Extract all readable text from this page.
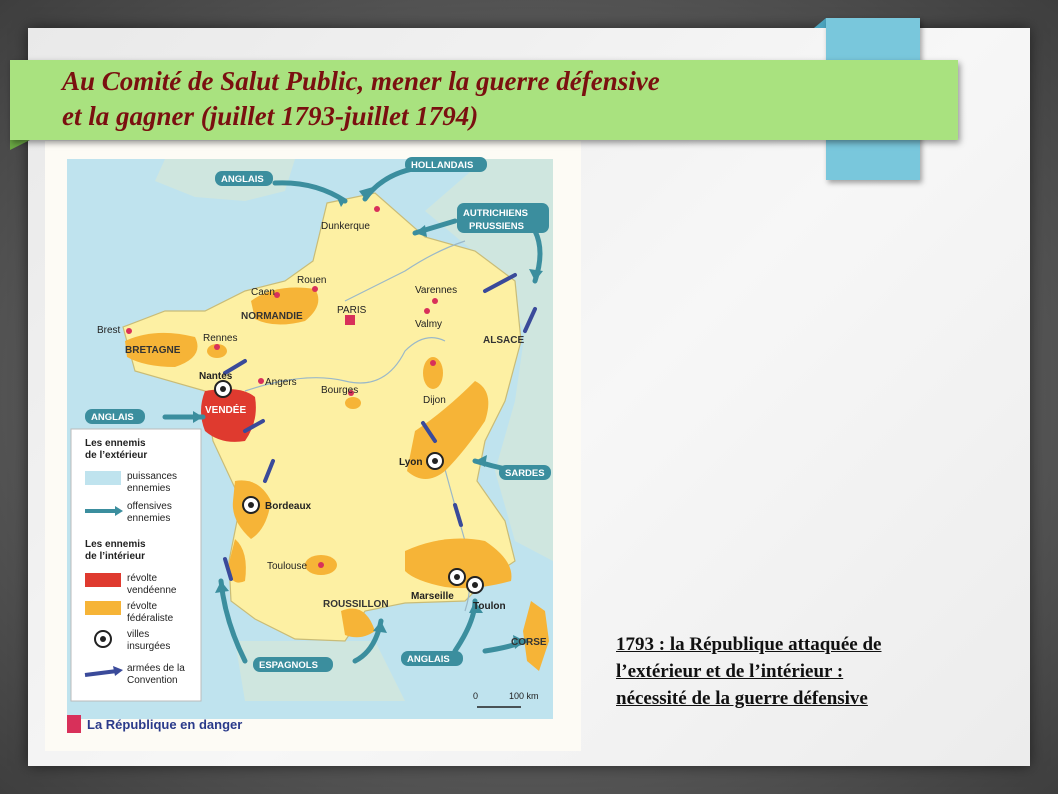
Dunkerque
Rouen
Caen
PARIS
Varennes
Valmy
Brest
Rennes
Nantes
Angers
Bourges
Dijon
Lyon
Bordeaux
Toulouse
Marseille
Toulon
NORMANDIE
BRETAGNE
VENDÉE
ALSACE
ROUSSILLON
CORSE
ANGLAIS
HOLLANDAIS
AUTRICHIENS
PRUSSIENS
ANGLAIS
SARDES
ESPAGNOLS
ANGLAIS
Les ennemis
de l’extérieur
puissances
ennemies
offensives
ennemies
Les ennemis
de l’intérieur
révolte
vendéenne
révolte
fédéraliste
villes
insurgées
armées de la
Convention
0	100 km
La République en danger

Au Comité de Salut Public, mener la guerre défensive
et la gagner (juillet 1793-juillet 1794)

1793 : la République attaquée de
l’extérieur et de l’intérieur :
nécessité de la guerre défensive
